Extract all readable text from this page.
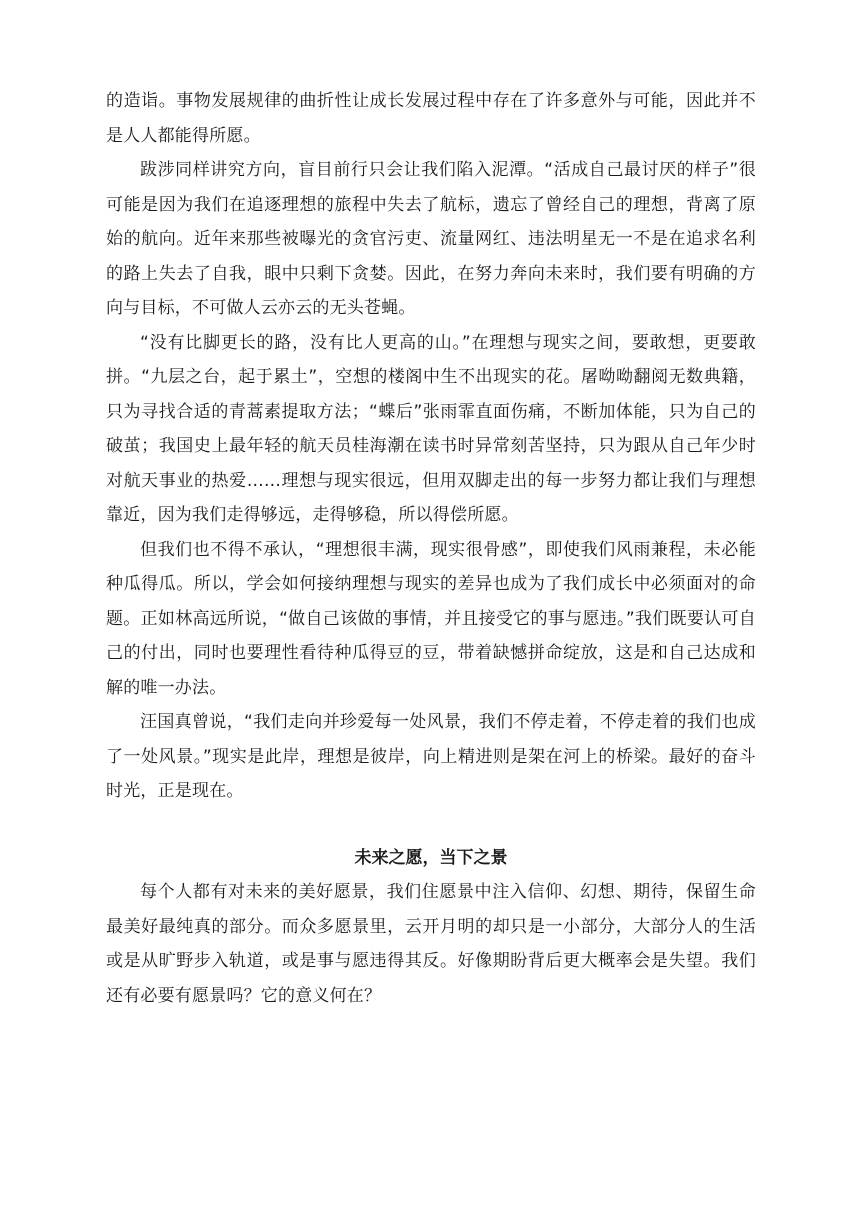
的造诣。事物发展规律的曲折性让成长发展过程中存在了许多意外与可能，因此并不是人人都能得所愿。

跋涉同样讲究方向，盲目前行只会让我们陷入泥潭。“活成自己最讨厌的样子”很可能是因为我们在追逐理想的旅程中失去了航标，遗忘了曾经自己的理想，背离了原始的航向。近年来那些被曝光的贪官污吏、流量网红、违法明星无一不是在追求名利的路上失去了自我，眼中只剩下贪婪。因此，在努力奔向未来时，我们要有明确的方向与目标，不可做人云亦云的无头苍蝇。

“没有比脚更长的路，没有比人更高的山。”在理想与现实之间，要敢想，更要敢拼。“九层之台，起于累土”，空想的楼阁中生不出现实的花。屠呦呦翻阅无数典籍，只为寻找合适的青蒿素提取方法；“蝶后”张雨霏直面伤痛，不断加体能，只为自己的破茧；我国史上最年轻的航天员桂海潮在读书时异常刻苦坚持，只为跟从自己年少时对航天事业的热爱……理想与现实很远，但用双脚走出的每一步努力都让我们与理想靠近，因为我们走得够远，走得够稳，所以得偿所愿。

但我们也不得不承认，“理想很丰满，现实很骨感”，即使我们风雨兼程，未必能种瓜得瓜。所以，学会如何接纳理想与现实的差异也成为了我们成长中必须面对的命题。正如林高远所说，“做自己该做的事情，并且接受它的事与愿违。”我们既要认可自己的付出，同时也要理性看待种瓜得豆的豆，带着缺憾拼命绽放，这是和自己达成和解的唯一办法。

汪国真曾说，“我们走向并珍爱每一处风景，我们不停走着，不停走着的我们也成了一处风景。”现实是此岸，理想是彼岸，向上精进则是架在河上的桥梁。最好的奋斗时光，正是现在。

未来之愿，当下之景

每个人都有对未来的美好愿景，我们住愿景中注入信仰、幻想、期待，保留生命最美好最纯真的部分。而众多愿景里，云开月明的却只是一小部分，大部分人的生活或是从旷野步入轨道，或是事与愿违得其反。好像期盼背后更大概率会是失望。我们还有必要有愿景吗？它的意义何在？
